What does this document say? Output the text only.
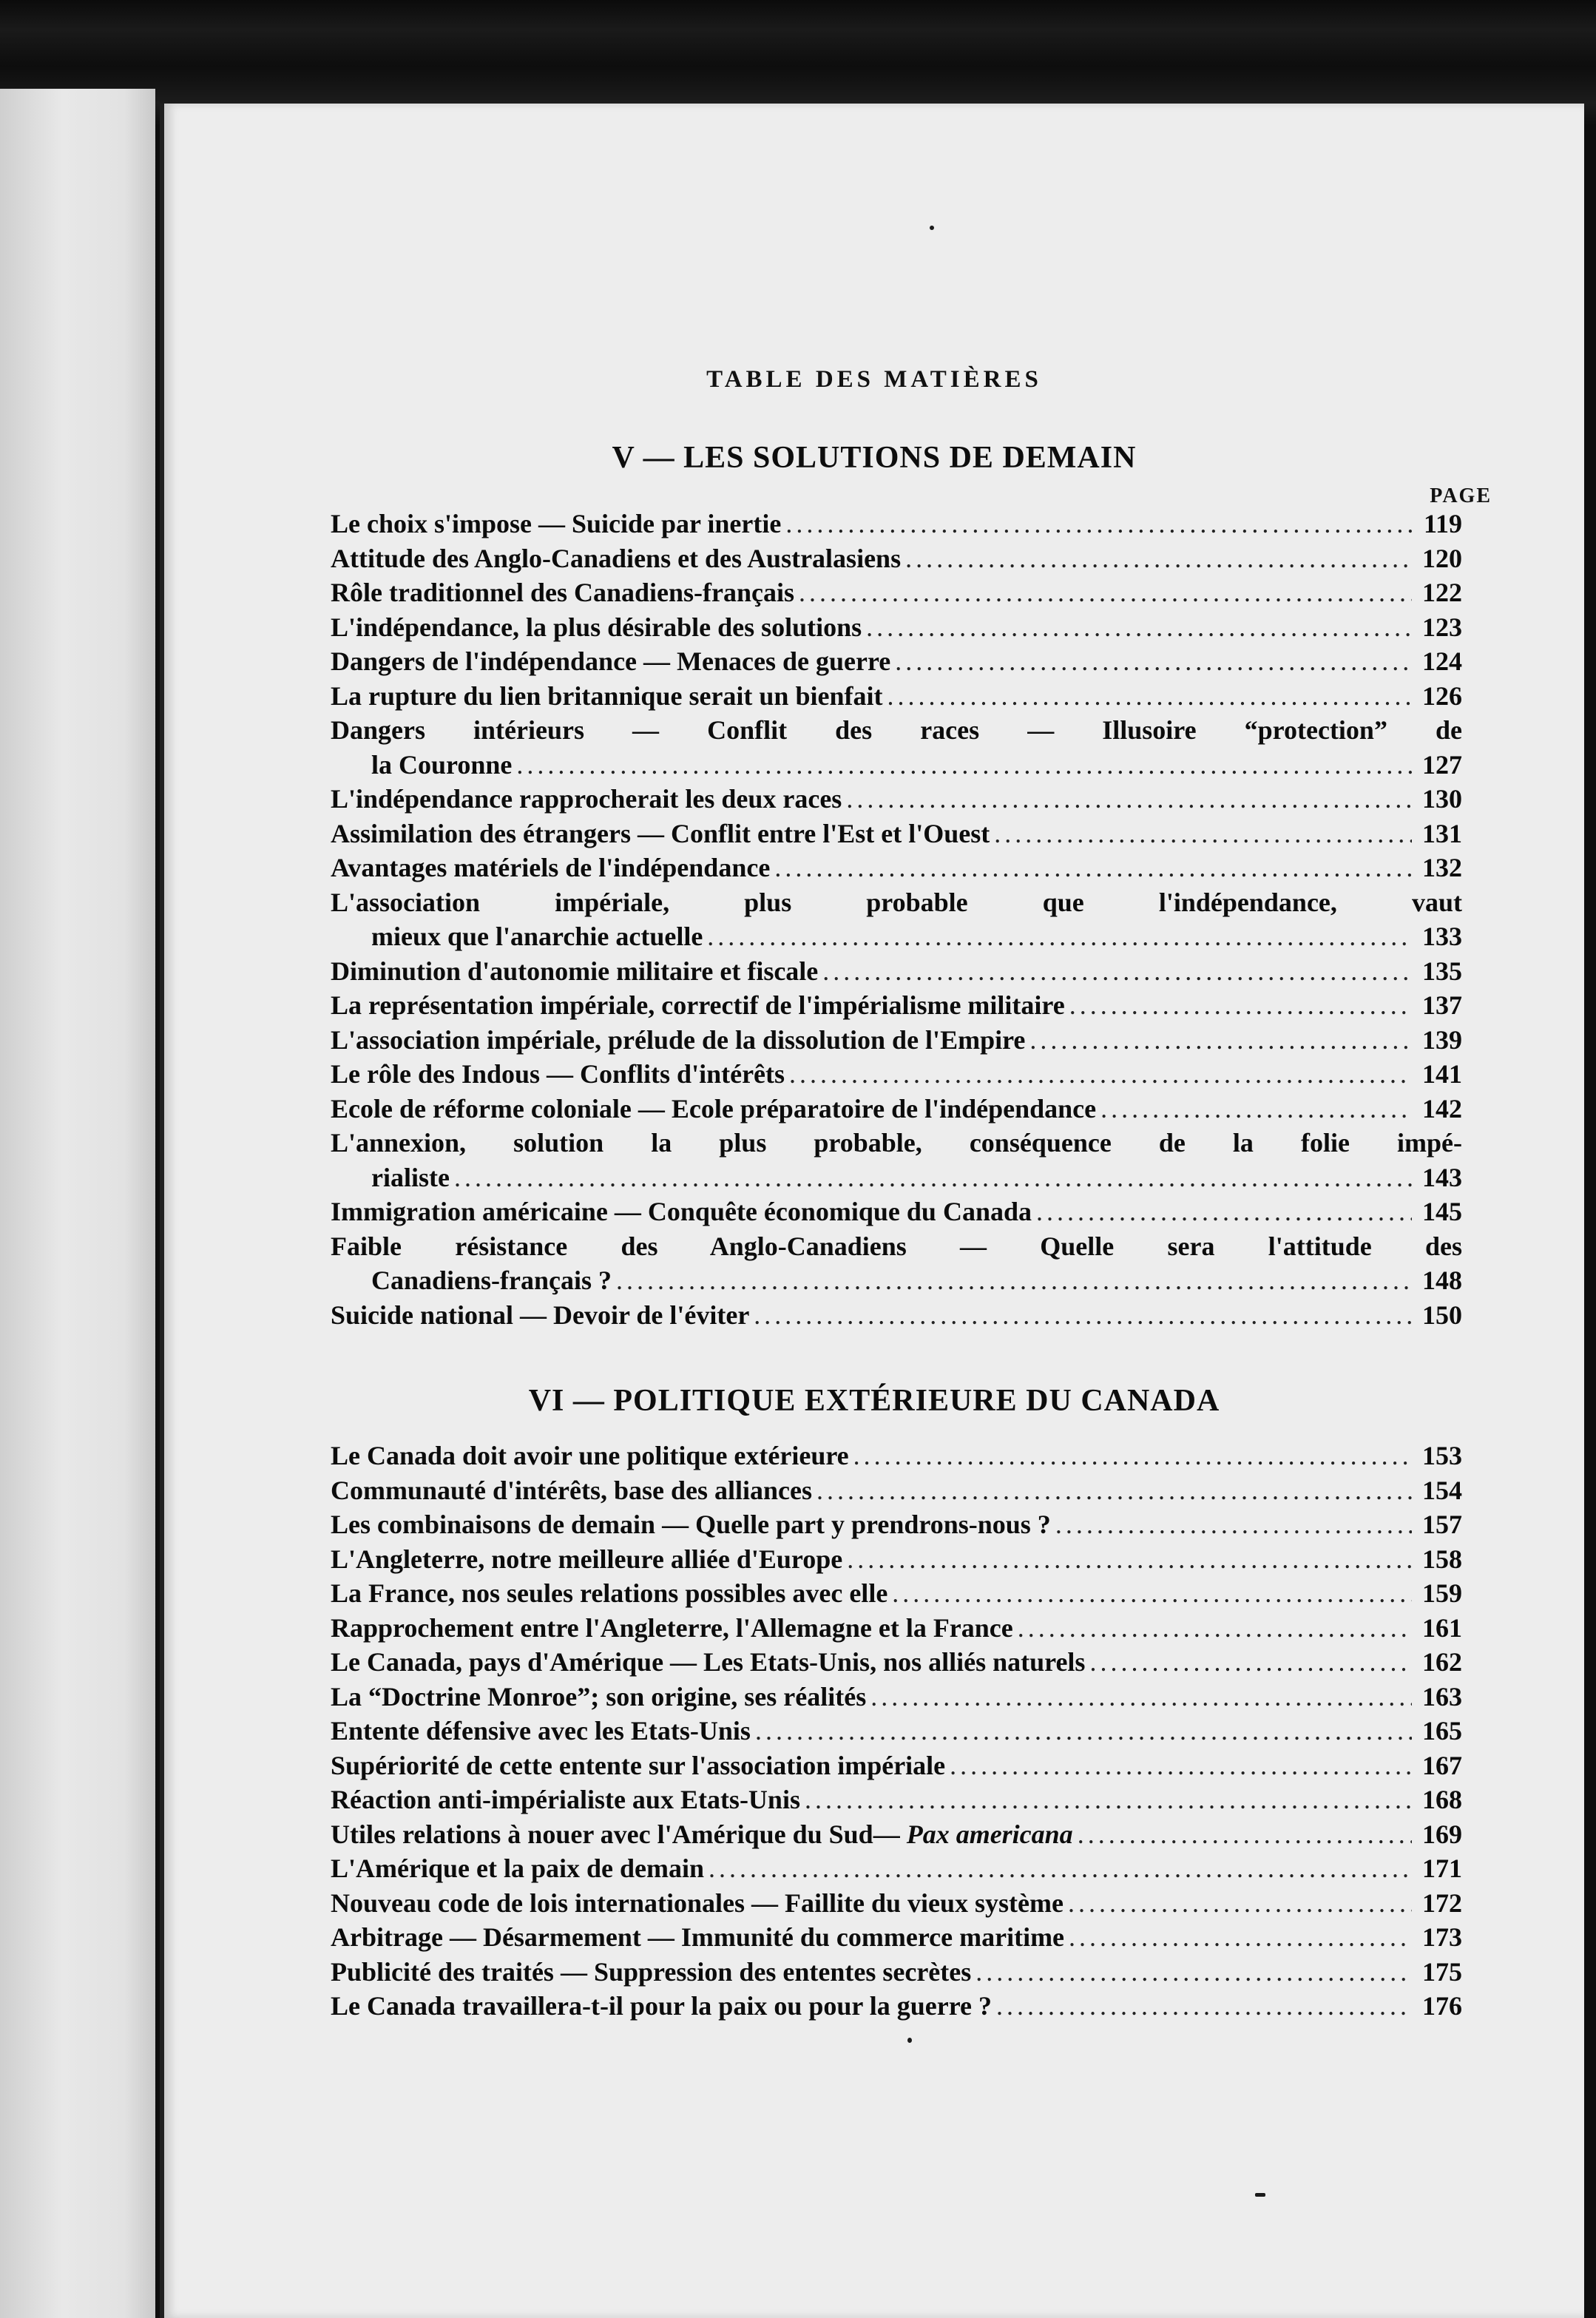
TABLE DES MATIÈRES
V — LES SOLUTIONS DE DEMAIN
PAGE
Le choix s'impose — Suicide par inertie .....	119
Attitude des Anglo-Canadiens et des Australasiens .....	120
Rôle traditionnel des Canadiens-français .....	122
L'indépendance, la plus désirable des solutions .....	123
Dangers de l'indépendance — Menaces de guerre .....	124
La rupture du lien britannique serait un bienfait .....	126
Dangers intérieurs — Conflit des races — Illusoire “protection” de
la Couronne .....	127
L'indépendance rapprocherait les deux races .....	130
Assimilation des étrangers — Conflit entre l'Est et l'Ouest .....	131
Avantages matériels de l'indépendance .....	132
L'association impériale, plus probable que l'indépendance, vaut
mieux que l'anarchie actuelle .....	133
Diminution d'autonomie militaire et fiscale .....	135
La représentation impériale, correctif de l'impérialisme militaire .....	137
L'association impériale, prélude de la dissolution de l'Empire .....	139
Le rôle des Indous — Conflits d'intérêts .....	141
Ecole de réforme coloniale — Ecole préparatoire de l'indépendance .....	142
L'annexion, solution la plus probable, conséquence de la folie impé-
rialiste .....	143
Immigration américaine — Conquête économique du Canada .....	145
Faible résistance des Anglo-Canadiens — Quelle sera l'attitude des
Canadiens-français ? .....	148
Suicide national — Devoir de l'éviter .....	150
VI — POLITIQUE EXTÉRIEURE DU CANADA
Le Canada doit avoir une politique extérieure .....	153
Communauté d'intérêts, base des alliances .....	154
Les combinaisons de demain — Quelle part y prendrons-nous ? .....	157
L'Angleterre, notre meilleure alliée d'Europe .....	158
La France, nos seules relations possibles avec elle .....	159
Rapprochement entre l'Angleterre, l'Allemagne et la France .....	161
Le Canada, pays d'Amérique — Les Etats-Unis, nos alliés naturels .....	162
La “Doctrine Monroe”; son origine, ses réalités .....	163
Entente défensive avec les Etats-Unis .....	165
Supériorité de cette entente sur l'association impériale .....	167
Réaction anti-impérialiste aux Etats-Unis .....	168
Utiles relations à nouer avec l'Amérique du Sud— Pax americana .....	169
L'Amérique et la paix de demain .....	171
Nouveau code de lois internationales — Faillite du vieux système .....	172
Arbitrage — Désarmement — Immunité du commerce maritime .....	173
Publicité des traités — Suppression des ententes secrètes .....	175
Le Canada travaillera-t-il pour la paix ou pour la guerre ? .....	176
